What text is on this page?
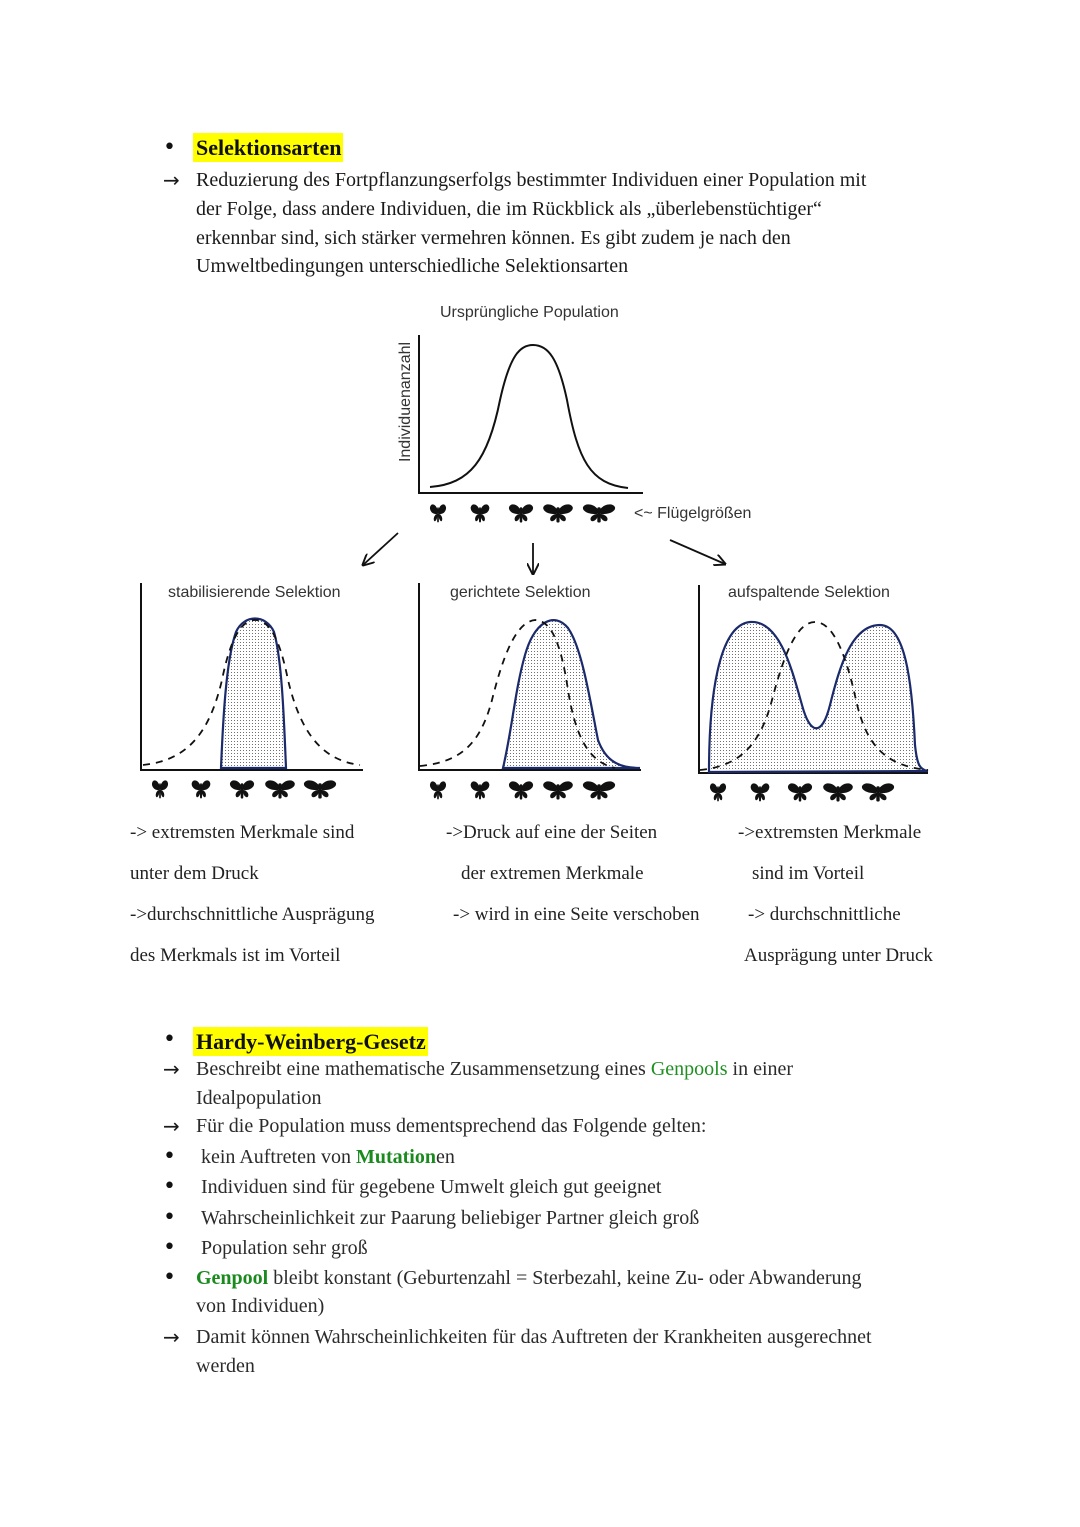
Ursprüngliche Population
Individuenanzahl
<~ Flügelgrößen
stabilisierende Selektion	gerichtete Selektion	aufspaltende Selektion
• Selektionsarten
→ Reduzierung des Fortpflanzungserfolgs bestimmter Individuen einer Population mit
der Folge, dass andere Individuen, die im Rückblick als „überlebenstüchtiger“
erkennbar sind, sich stärker vermehren können. Es gibt zudem je nach den
Umweltbedingungen unterschiedliche Selektionsarten
-> extremsten Merkmale sind
unter dem Druck
->durchschnittliche Ausprägung
des Merkmals ist im Vorteil
->Druck auf eine der Seiten
der extremen Merkmale
-> wird in eine Seite verschoben
->extremsten Merkmale
sind im Vorteil
-> durchschnittliche
Ausprägung unter Druck
• Hardy-Weinberg-Gesetz
→ Beschreibt eine mathematische Zusammensetzung eines Genpools in einer
Idealpopulation
→ Für die Population muss dementsprechend das Folgende gelten:
• kein Auftreten von Mutationen
• Individuen sind für gegebene Umwelt gleich gut geeignet
• Wahrscheinlichkeit zur Paarung beliebiger Partner gleich groß
• Population sehr groß
• Genpool bleibt konstant (Geburtenzahl = Sterbezahl, keine Zu- oder Abwanderung
von Individuen)
→ Damit können Wahrscheinlichkeiten für das Auftreten der Krankheiten ausgerechnet
werden
